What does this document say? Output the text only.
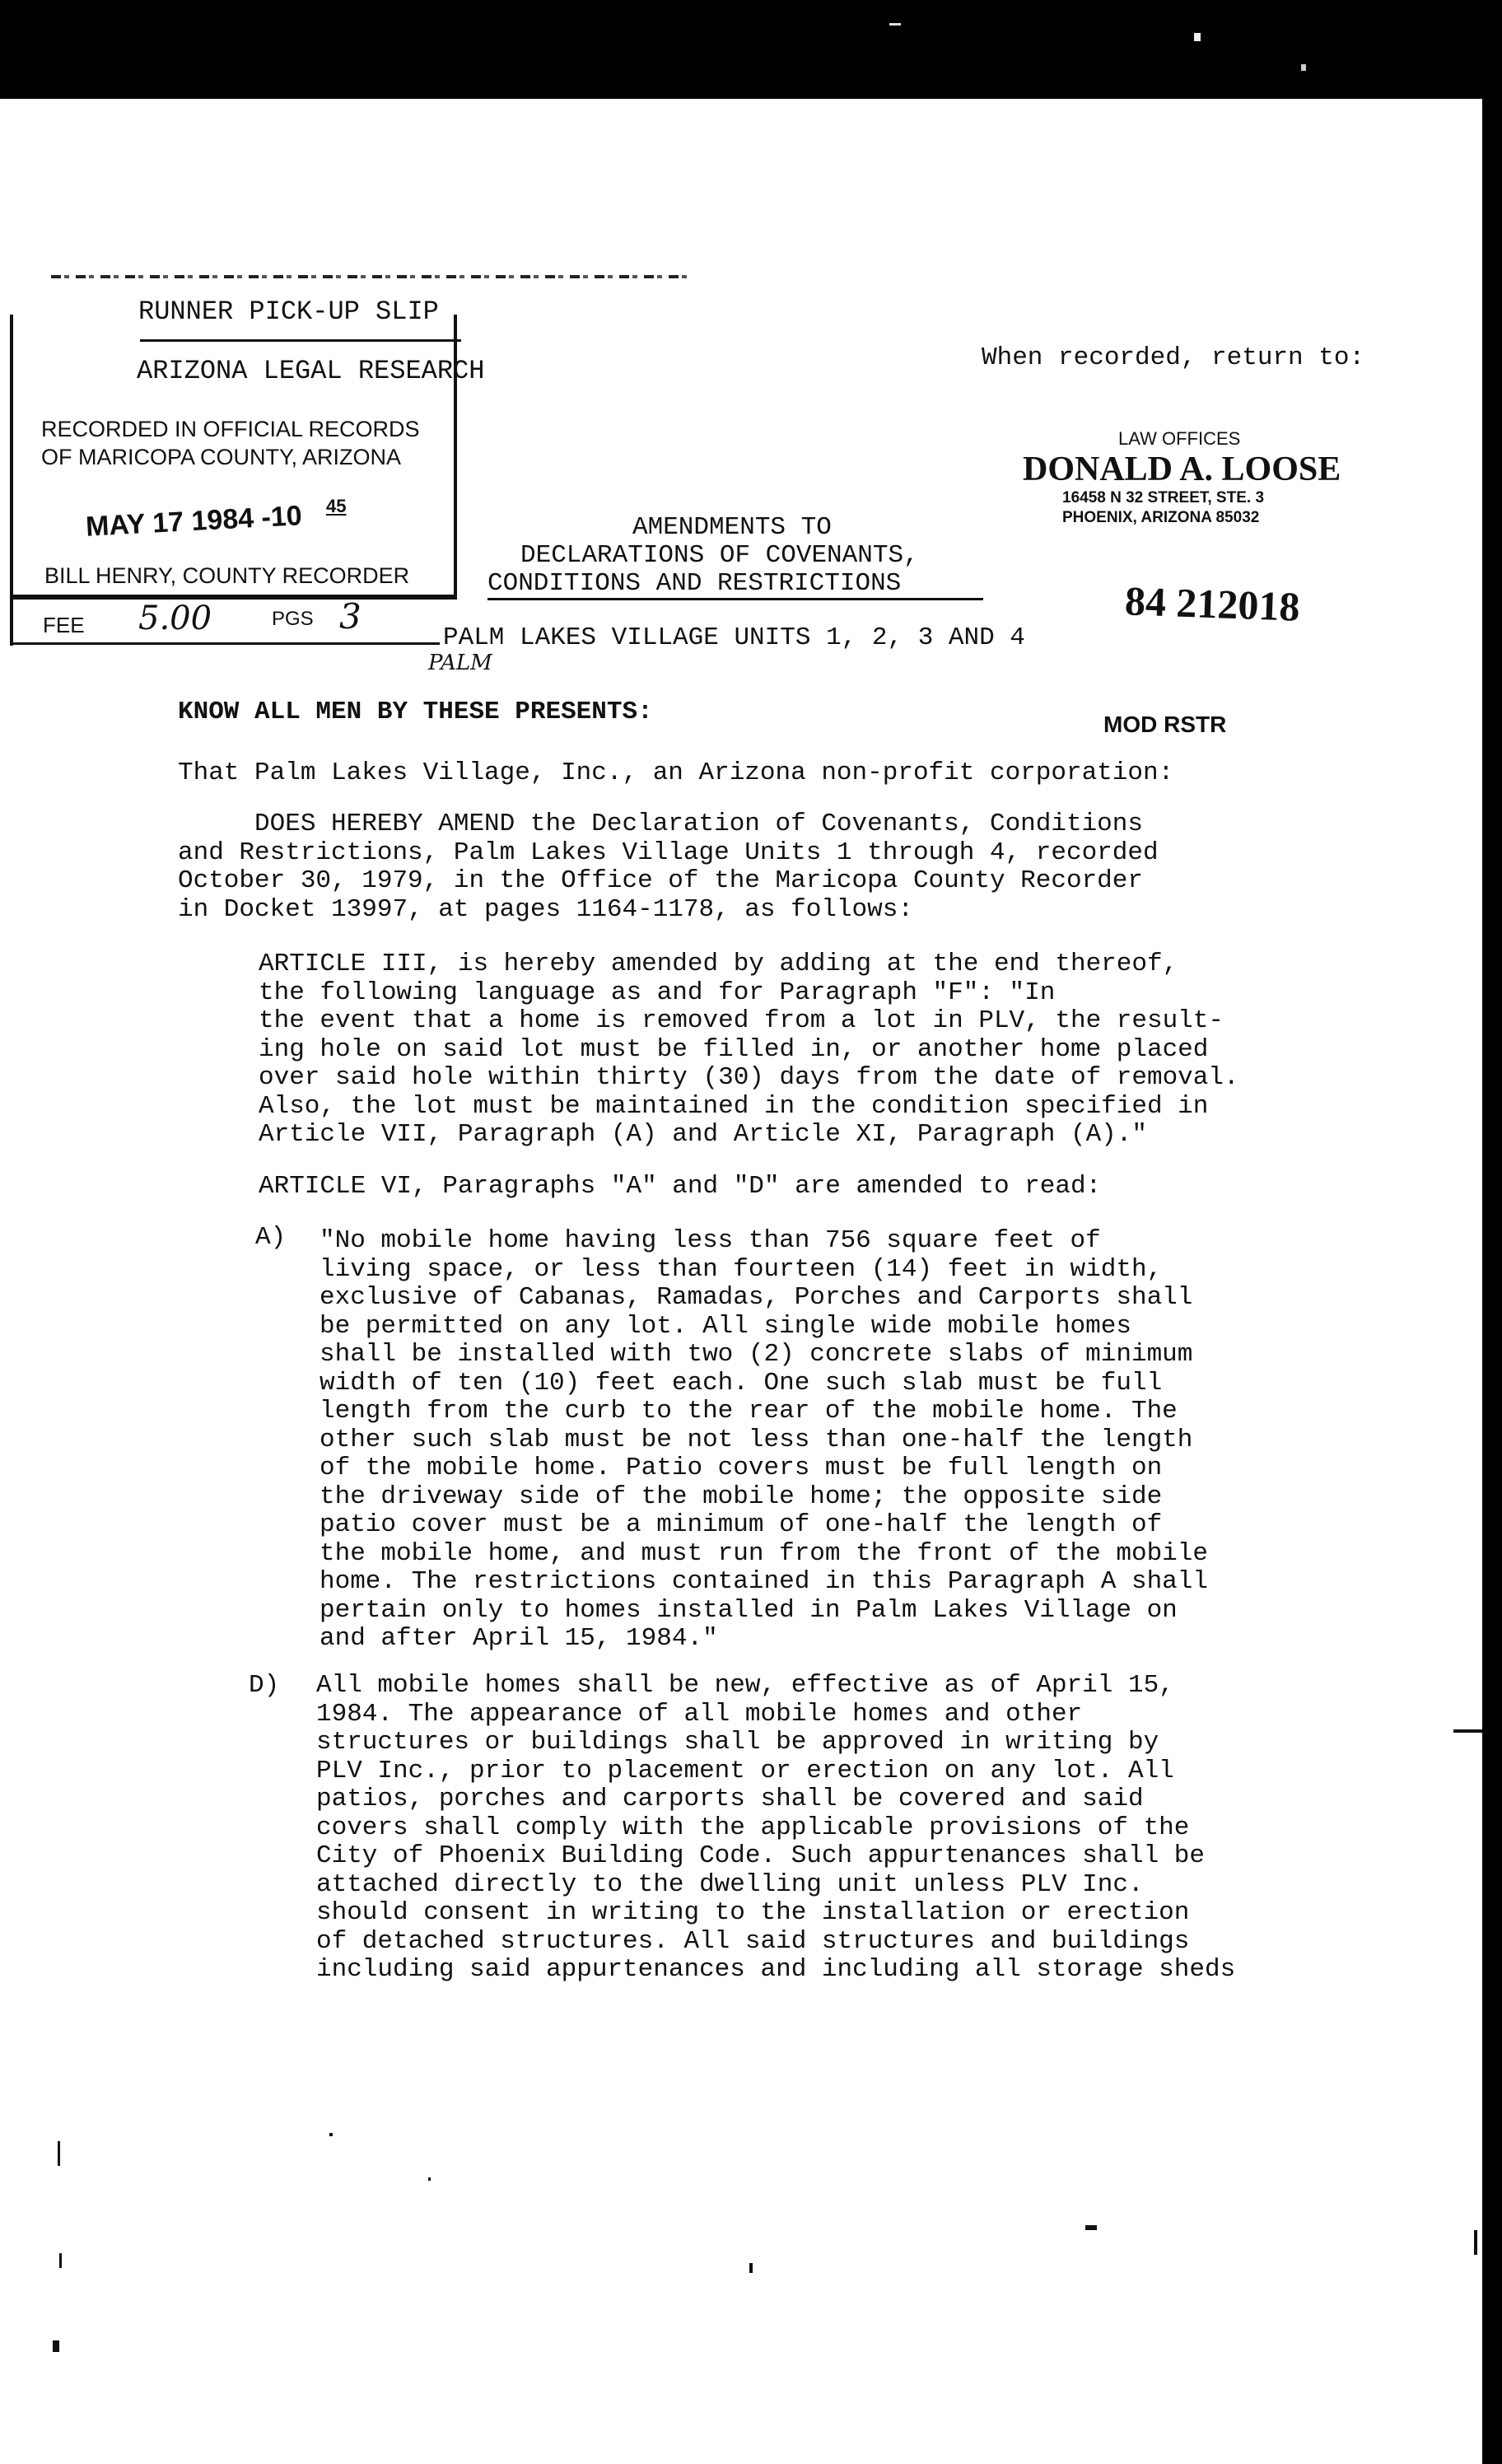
RUNNER PICK-UP SLIP
ARIZONA LEGAL RESEARCH	When recorded, return to:
RECORDED IN OFFICIAL RECORDS
OF MARICOPA COUNTY, ARIZONA
MAY 17 1984 -10 45
BILL HENRY, COUNTY RECORDER
FEE 5.00	PGS 3
LAW OFFICES
DONALD A. LOOSE
16458 N 32 STREET, STE. 3
PHOENIX, ARIZONA 85032
84 212018
AMENDMENTS TO
DECLARATIONS OF COVENANTS,
CONDITIONS AND RESTRICTIONS
PALM LAKES VILLAGE UNITS 1, 2, 3 AND 4
PALM
MOD RSTR
KNOW ALL MEN BY THESE PRESENTS:
That Palm Lakes Village, Inc., an Arizona non-profit corporation:
DOES HEREBY AMEND the Declaration of Covenants, Conditions
and Restrictions, Palm Lakes Village Units 1 through 4, recorded
October 30, 1979, in the Office of the Maricopa County Recorder
in Docket 13997, at pages 1164-1178, as follows:
ARTICLE III, is hereby amended by adding at the end thereof,
the following language as and for Paragraph "F": "In
the event that a home is removed from a lot in PLV, the result-
ing hole on said lot must be filled in, or another home placed
over said hole within thirty (30) days from the date of removal.
Also, the lot must be maintained in the condition specified in
Article VII, Paragraph (A) and Article XI, Paragraph (A)."
ARTICLE VI, Paragraphs "A" and "D" are amended to read:
A) "No mobile home having less than 756 square feet of
living space, or less than fourteen (14) feet in width,
exclusive of Cabanas, Ramadas, Porches and Carports shall
be permitted on any lot. All single wide mobile homes
shall be installed with two (2) concrete slabs of minimum
width of ten (10) feet each. One such slab must be full
length from the curb to the rear of the mobile home. The
other such slab must be not less than one-half the length
of the mobile home. Patio covers must be full length on
the driveway side of the mobile home; the opposite side
patio cover must be a minimum of one-half the length of
the mobile home, and must run from the front of the mobile
home. The restrictions contained in this Paragraph A shall
pertain only to homes installed in Palm Lakes Village on
and after April 15, 1984."
D) All mobile homes shall be new, effective as of April 15,
1984. The appearance of all mobile homes and other
structures or buildings shall be approved in writing by
PLV Inc., prior to placement or erection on any lot. All
patios, porches and carports shall be covered and said
covers shall comply with the applicable provisions of the
City of Phoenix Building Code. Such appurtenances shall be
attached directly to the dwelling unit unless PLV Inc.
should consent in writing to the installation or erection
of detached structures. All said structures and buildings
including said appurtenances and including all storage sheds
